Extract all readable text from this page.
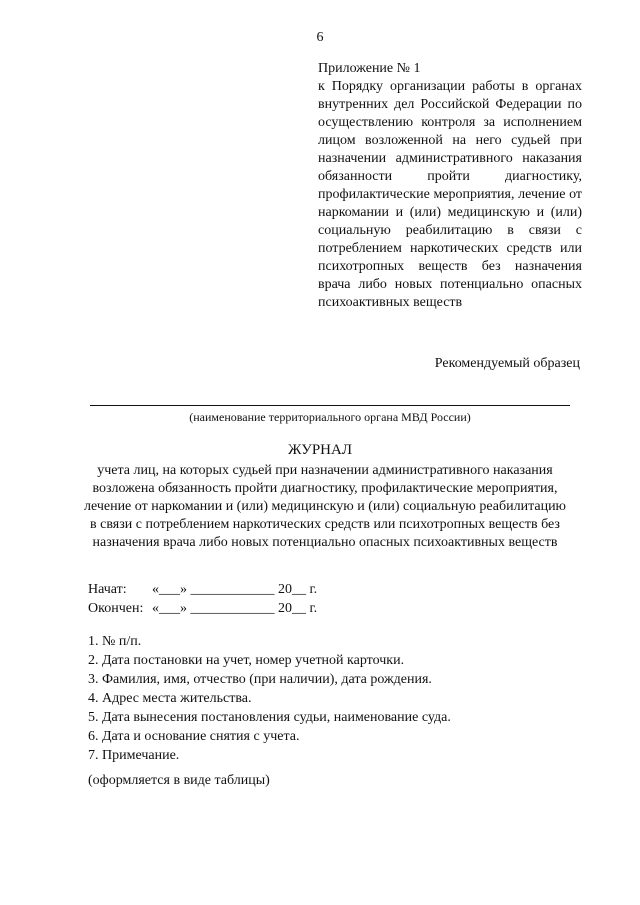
6
Приложение № 1
к Порядку организации работы в органах внутренних дел Российской Федерации по осуществлению контроля за исполнением лицом возложенной на него судьей при назначении административного наказания обязанности пройти диагностику, профилактические мероприятия, лечение от наркомании и (или) медицинскую и (или) социальную реабилитацию в связи с потреблением наркотических средств или психотропных веществ без назначения врача либо новых потенциально опасных психоактивных веществ
Рекомендуемый образец
(наименование территориального органа МВД России)
ЖУРНАЛ
учета лиц, на которых судьей при назначении административного наказания возложена обязанность пройти диагностику, профилактические мероприятия, лечение от наркомании и (или) медицинскую и (или) социальную реабилитацию в связи с потреблением наркотических средств или психотропных веществ без назначения врача либо новых потенциально опасных психоактивных веществ
Начат:	«___» ____________ 20__ г.
Окончен: «___» ____________ 20__ г.
1. № п/п.
2. Дата постановки на учет, номер учетной карточки.
3. Фамилия, имя, отчество (при наличии), дата рождения.
4. Адрес места жительства.
5. Дата вынесения постановления судьи, наименование суда.
6. Дата и основание снятия с учета.
7. Примечание.
(оформляется в виде таблицы)
